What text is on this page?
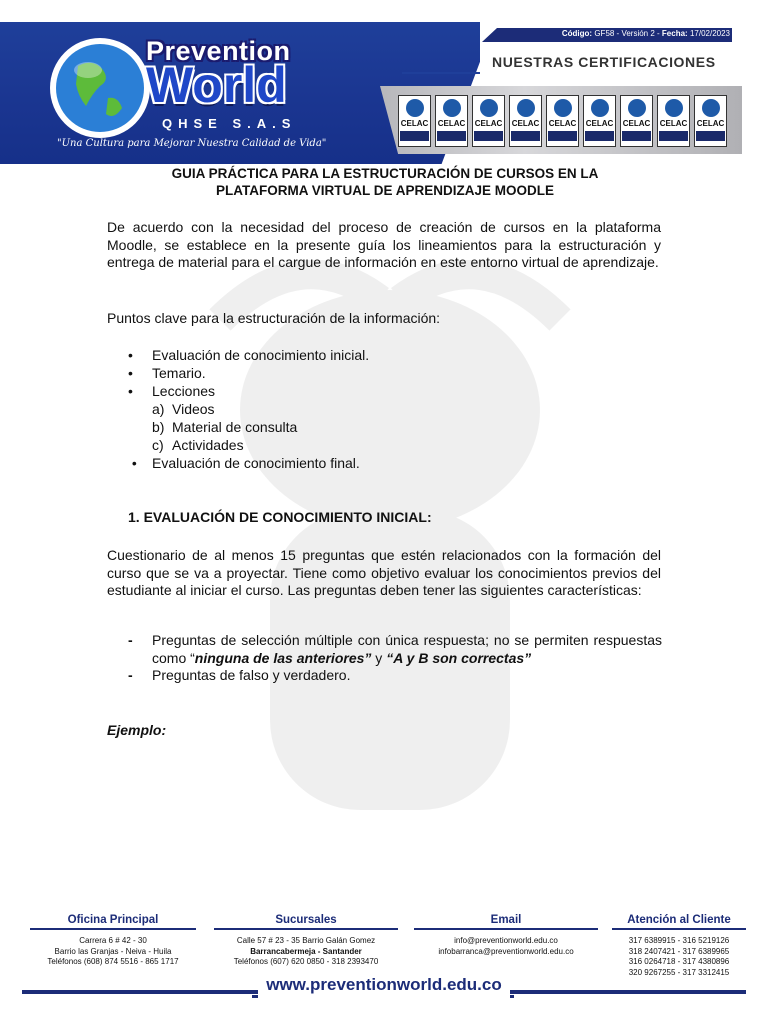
Prevention
World
QHSE S.A.S
"Una Cultura para Mejorar Nuestra Calidad de Vida"
Código: GF58 - Versión 2 - Fecha: 17/02/2023
NUESTRAS CERTIFICACIONES
CELAC CELAC CELAC CELAC CELAC CELAC CELAC CELAC CELAC
GUIA PRÁCTICA PARA LA ESTRUCTURACIÓN DE CURSOS EN LA
PLATAFORMA VIRTUAL DE APRENDIZAJE MOODLE
De acuerdo con la necesidad del proceso de creación de cursos en la plataforma Moodle, se establece en la presente guía los lineamientos para la estructuración y entrega de material para el cargue de información en este entorno virtual de aprendizaje.
Puntos clave para la estructuración de la información:
•	Evaluación de conocimiento inicial.
•	Temario.
•	Lecciones
a) Videos
b) Material de consulta
c) Actividades
•	Evaluación de conocimiento final.
1. EVALUACIÓN DE CONOCIMIENTO INICIAL:
Cuestionario de al menos 15 preguntas que estén relacionados con la formación del curso que se va a proyectar. Tiene como objetivo evaluar los conocimientos previos del estudiante al iniciar el curso. Las preguntas deben tener las siguientes características:
-	Preguntas de selección múltiple con única respuesta; no se permiten respuestas como “ninguna de las anteriores” y “A y B son correctas”
-	Preguntas de falso y verdadero.
Ejemplo:
Oficina Principal
Carrera 6 # 42 - 30
Barrio las Granjas - Neiva - Huila
Teléfonos (608) 874 5516 - 865 1717
Sucursales
Calle 57 # 23 - 35 Barrio Galán Gomez
Barrancabermeja - Santander
Teléfonos (607) 620 0850 - 318 2393470
Email
info@preventionworld.edu.co
infobarranca@preventionworld.edu.co
Atención al Cliente
317 6389915 - 316 5219126
318 2407421 - 317 6389965
316 0264718 - 317 4380896
320 9267255 - 317 3312415
www.preventionworld.edu.co
